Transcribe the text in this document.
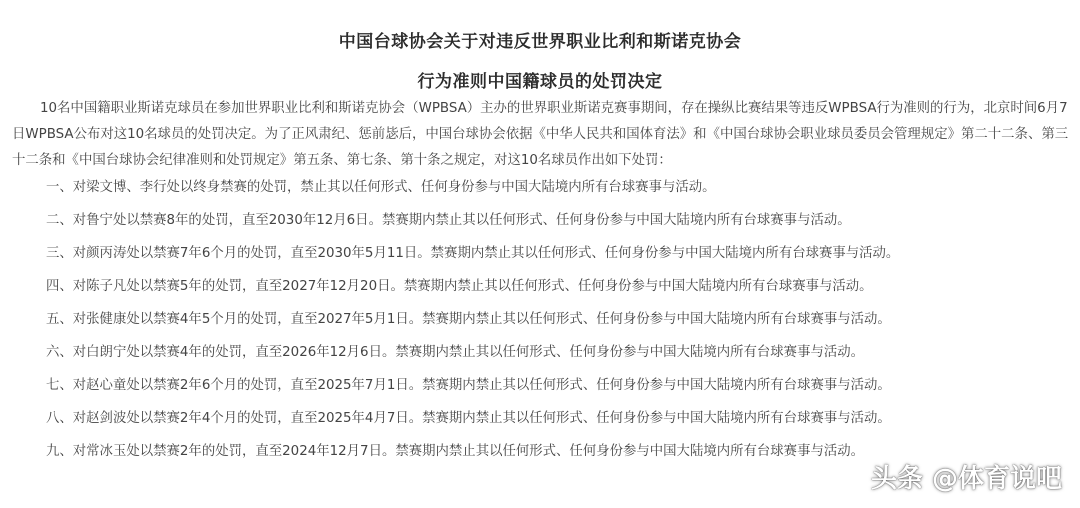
中国台球协会关于对违反世界职业比利和斯诺克协会
行为准则中国籍球员的处罚决定

10名中国籍职业斯诺克球员在参加世界职业比利和斯诺克协会（WPBSA）主办的世界职业斯诺克赛事期间，存在操纵比赛结果等违反WPBSA行为准则的行为，北京时间6月7日WPBSA公布对这10名球员的处罚决定。为了正风肃纪、惩前毖后，中国台球协会依据《中华人民共和国体育法》和《中国台球协会职业球员委员会管理规定》第二十二条、第三十二条和《中国台球协会纪律准则和处罚规定》第五条、第七条、第十条之规定，对这10名球员作出如下处罚：

一、对梁文博、李行处以终身禁赛的处罚，禁止其以任何形式、任何身份参与中国大陆境内所有台球赛事与活动。
二、对鲁宁处以禁赛8年的处罚，直至2030年12月6日。禁赛期内禁止其以任何形式、任何身份参与中国大陆境内所有台球赛事与活动。
三、对颜丙涛处以禁赛7年6个月的处罚，直至2030年5月11日。禁赛期内禁止其以任何形式、任何身份参与中国大陆境内所有台球赛事与活动。
四、对陈子凡处以禁赛5年的处罚，直至2027年12月20日。禁赛期内禁止其以任何形式、任何身份参与中国大陆境内所有台球赛事与活动。
五、对张健康处以禁赛4年5个月的处罚，直至2027年5月1日。禁赛期内禁止其以任何形式、任何身份参与中国大陆境内所有台球赛事与活动。
六、对白朗宁处以禁赛4年的处罚，直至2026年12月6日。禁赛期内禁止其以任何形式、任何身份参与中国大陆境内所有台球赛事与活动。
七、对赵心童处以禁赛2年6个月的处罚，直至2025年7月1日。禁赛期内禁止其以任何形式、任何身份参与中国大陆境内所有台球赛事与活动。
八、对赵剑波处以禁赛2年4个月的处罚，直至2025年4月7日。禁赛期内禁止其以任何形式、任何身份参与中国大陆境内所有台球赛事与活动。
九、对常冰玉处以禁赛2年的处罚，直至2024年12月7日。禁赛期内禁止其以任何形式、任何身份参与中国大陆境内所有台球赛事与活动。
头条 @体育说吧
